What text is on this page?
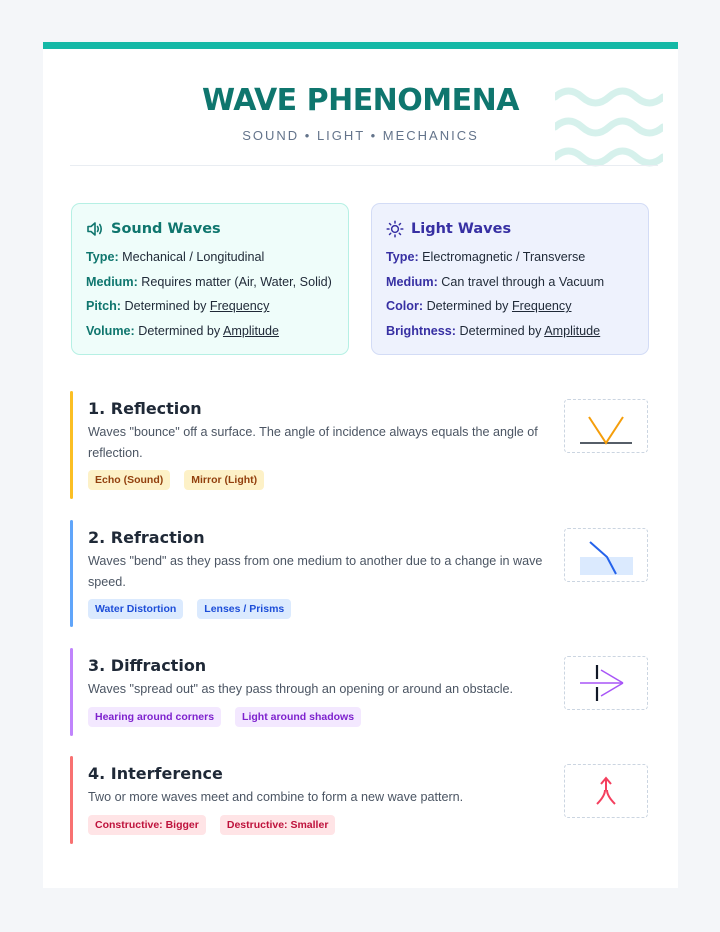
WAVE PHENOMENA
SOUND • LIGHT • MECHANICS
Sound Waves
Type: Mechanical / Longitudinal
Medium: Requires matter (Air, Water, Solid)
Pitch: Determined by Frequency
Volume: Determined by Amplitude
Light Waves
Type: Electromagnetic / Transverse
Medium: Can travel through a Vacuum
Color: Determined by Frequency
Brightness: Determined by Amplitude
1. Reflection
Waves "bounce" off a surface. The angle of incidence always equals the angle of reflection.
Echo (Sound)	Mirror (Light)
2. Refraction
Waves "bend" as they pass from one medium to another due to a change in wave speed.
Water Distortion	Lenses / Prisms
3. Diffraction
Waves "spread out" as they pass through an opening or around an obstacle.
Hearing around corners	Light around shadows
4. Interference
Two or more waves meet and combine to form a new wave pattern.
Constructive: Bigger	Destructive: Smaller
